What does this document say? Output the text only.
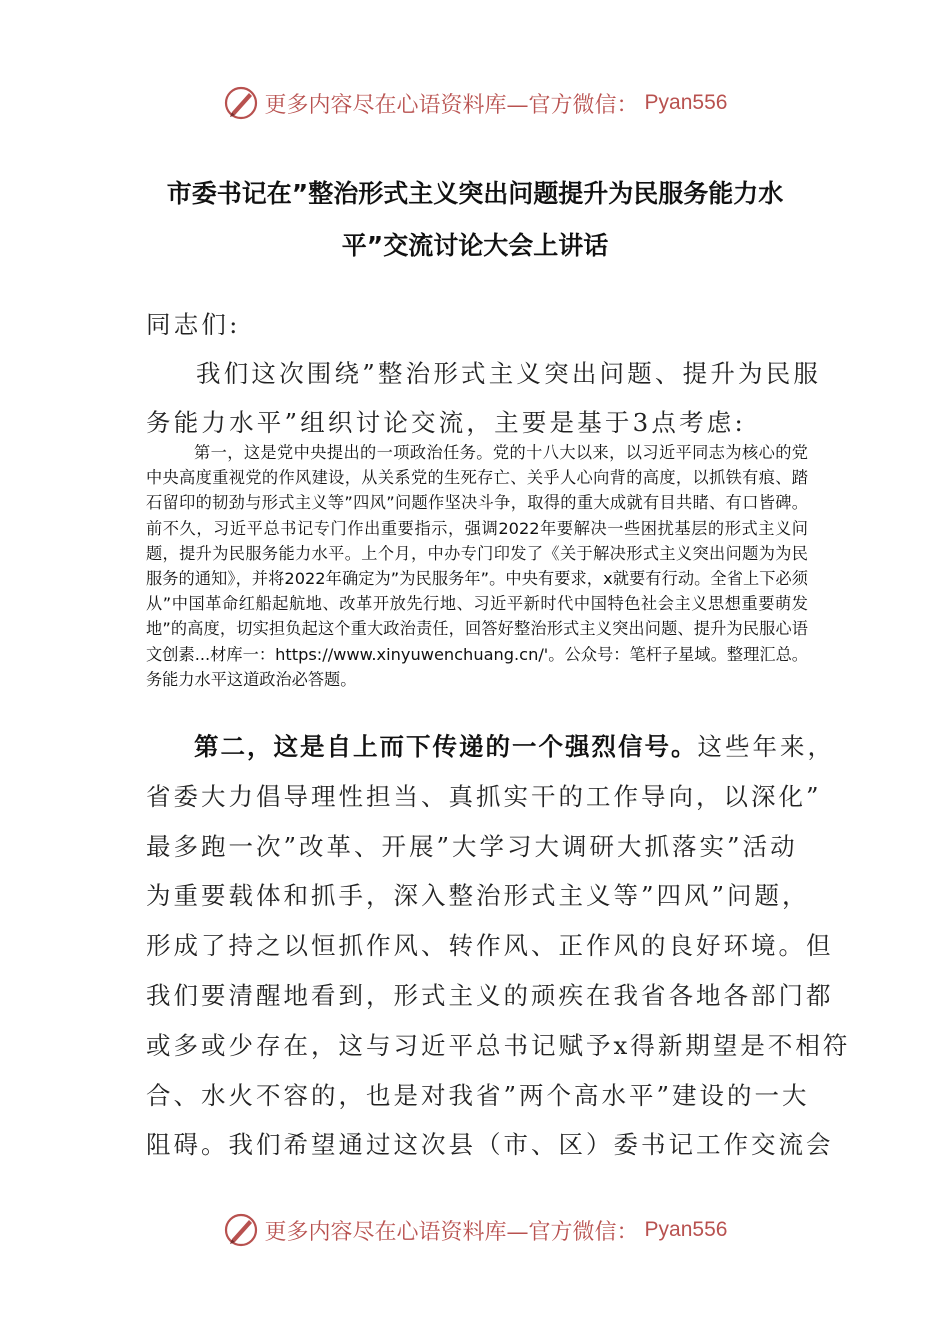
更多内容尽在心语资料库—官方微信： Pyan556
市委书记在”整治形式主义突出问题提升为民服务能力水
平”交流讨论大会上讲话
同志们:
我们这次围绕”整治形式主义突出问题、提升为民服
务能力水平”组织讨论交流，主要是基于3点考虑:
第一，这是党中央提出的一项政治任务。党的十八大以来，以习近平同志为核心的党中央高度重视党的作风建设，从关系党的生死存亡、关乎人心向背的高度，以抓铁有痕、踏石留印的韧劲与形式主义等”四风”问题作坚决斗争，取得的重大成就有目共睹、有口皆碑。前不久，习近平总书记专门作出重要指示，强调2022年要解决一些困扰基层的形式主义问题，提升为民服务能力水平。上个月，中办专门印发了《关于解决形式主义突出问题为为民服务的通知》，并将2022年确定为”为民服务年”。中央有要求，x就要有行动。全省上下必须从”中国革命红船起航地、改革开放先行地、习近平新时代中国特色社会主义思想重要萌发地”的高度，切实担负起这个重大政治责任，回答好整治形式主义突出问题、提升为民服心语文创素...材库一：https://www.xinyuwenchuang.cn/'。公众号：笔杆子星域。整理汇总。务能力水平这道政治必答题。
第二，这是自上而下传递的一个强烈信号。这些年来，
省委大力倡导理性担当、真抓实干的工作导向，以深化”
最多跑一次”改革、开展”大学习大调研大抓落实”活动
为重要载体和抓手，深入整治形式主义等”四风”问题，
形成了持之以恒抓作风、转作风、正作风的良好环境。但
我们要清醒地看到，形式主义的顽疾在我省各地各部门都
或多或少存在，这与习近平总书记赋予x得新期望是不相符
合、水火不容的，也是对我省”两个高水平”建设的一大
阻碍。我们希望通过这次县（市、区）委书记工作交流会
更多内容尽在心语资料库—官方微信： Pyan556
